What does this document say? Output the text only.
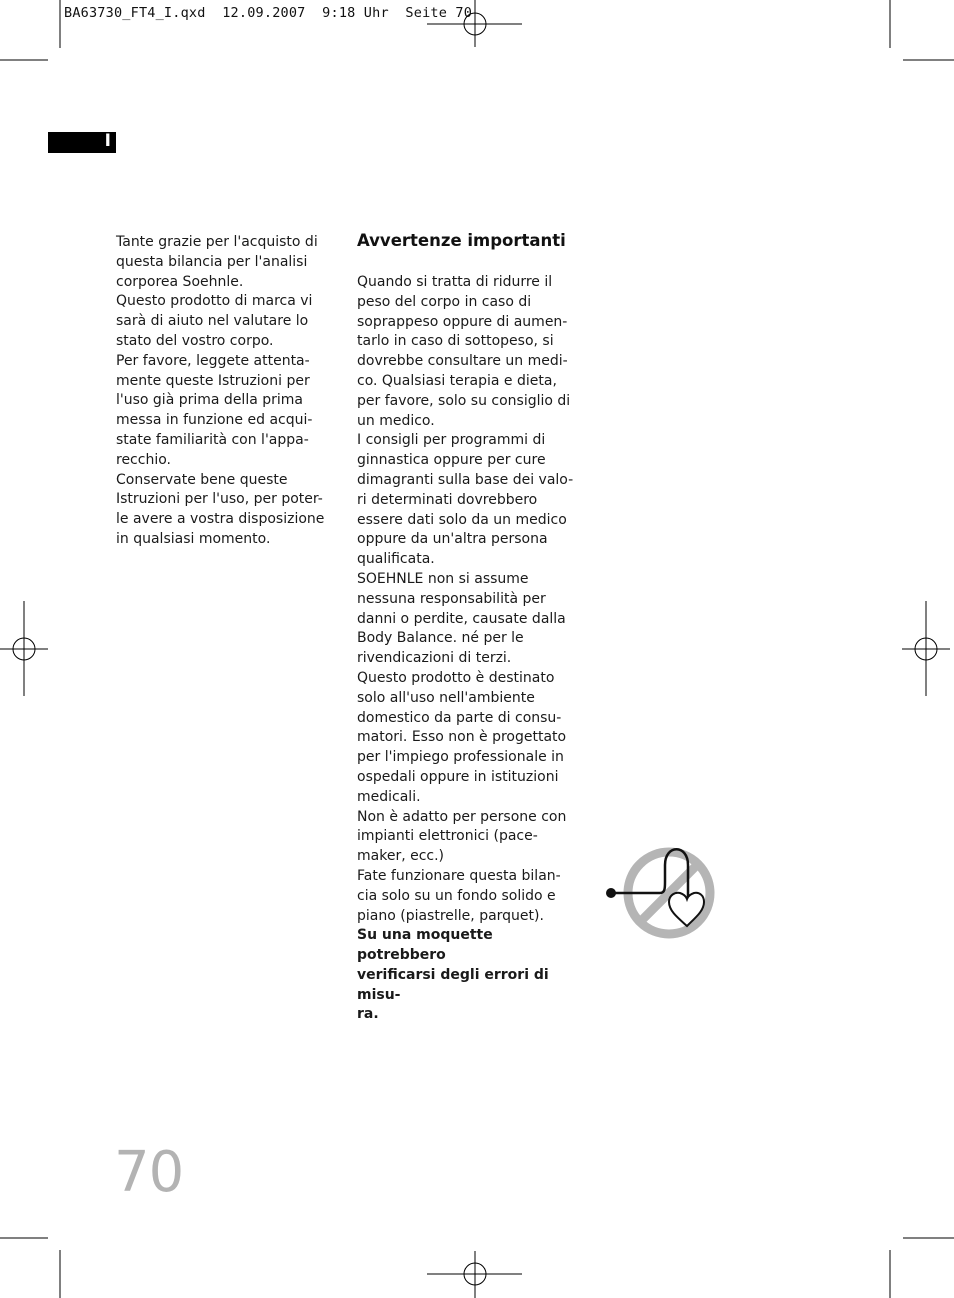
BA63730_FT4_I.qxd  12.09.2007  9:18 Uhr  Seite 70
I

Tante grazie per l'acquisto di
questa bilancia per l'analisi
corporea Soehnle.

Questo prodotto di marca vi
sarà di aiuto nel valutare lo
stato del vostro corpo.

Per favore, leggete attenta-
mente queste Istruzioni per
l'uso già prima della prima
messa in funzione ed acqui-
state familiarità con l'appa-
recchio.

Conservate bene queste
Istruzioni per l'uso, per poter-
le avere a vostra disposizione
in qualsiasi momento.

Avvertenze importanti

Quando si tratta di ridurre il
peso del corpo in caso di
soprappeso oppure di aumen-
tarlo in caso di sottopeso, si
dovrebbe consultare un medi-
co. Qualsiasi terapia e dieta,
per favore, solo su consiglio di
un medico.

I consigli per programmi di
ginnastica oppure per cure
dimagranti sulla base dei valo-
ri determinati dovrebbero
essere dati solo da un medico
oppure da un'altra persona
qualificata.

SOEHNLE non si assume
nessuna responsabilità per
danni o perdite, causate dalla
Body Balance. né per le
rivendicazioni di terzi.

Questo prodotto è destinato
solo all'uso nell'ambiente
domestico da parte di consu-
matori. Esso non è progettato
per l'impiego professionale in
ospedali oppure in istituzioni
medicali.

Non è adatto per persone con
impianti elettronici (pace-
maker, ecc.)

Fate funzionare questa bilan-
cia solo su un fondo solido e
piano (piastrelle, parquet).

Su una moquette potrebbero
verificarsi degli errori di misu-
ra.

70
